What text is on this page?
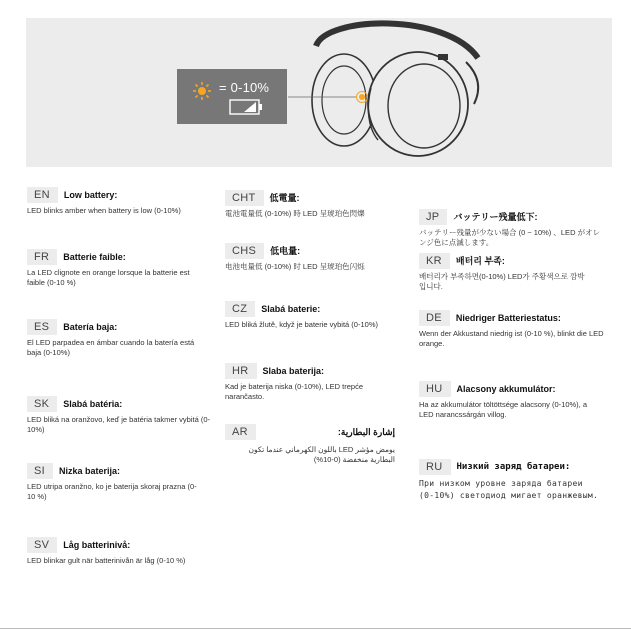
= 0-10%
EN Low battery:
LED blinks amber when battery is low (0-10%)
FR Batterie faible:
La LED clignote en orange lorsque la batterie est faible (0-10 %)
ES Batería baja:
El LED parpadea en ámbar cuando la batería está baja (0-10%)
SK Slabá batéria:
LED bliká na oranžovo, keď je batéria takmer vybitá (0-10%)
SI Nizka baterija:
LED utripa oranžno, ko je baterija skoraj prazna (0-10 %)
SV Låg batterinivå:
LED blinkar gult när batterinivån är låg (0-10 %)
CHT 低電量:
電池電量低 (0-10%) 時 LED 呈琥珀色閃爍
CHS 低电量:
电池电量低 (0-10%) 时 LED 呈琥珀色闪烁
CZ Slabá baterie:
LED bliká žlutě, když je baterie vybitá (0-10%)
HR Slaba baterija:
Kad je baterija niska (0-10%), LED trepće narančasto.
AR	إشارة البطارية:
يومض مؤشر LED باللون الكهرماني عندما تكون البطارية منخفضة (0-10%)
JP バッテリー残量低下:
バッテリー残量が少ない場合 (0 ~ 10%) 、LED がオレンジ色に点滅します。
KR 배터리 부족:
배터리가 부족하면(0-10%) LED가 주황색으로 깜박입니다.
DE Niedriger Batteriestatus:
Wenn der Akkustand niedrig ist (0-10 %), blinkt die LED orange.
HU Alacsony akkumulátor:
Ha az akkumulátor töltöttsége alacsony (0-10%), a LED narancssárgán villog.
RU Низкий заряд батареи:
При низком уровне заряда батареи (0-10%) светодиод мигает оранжевым.
